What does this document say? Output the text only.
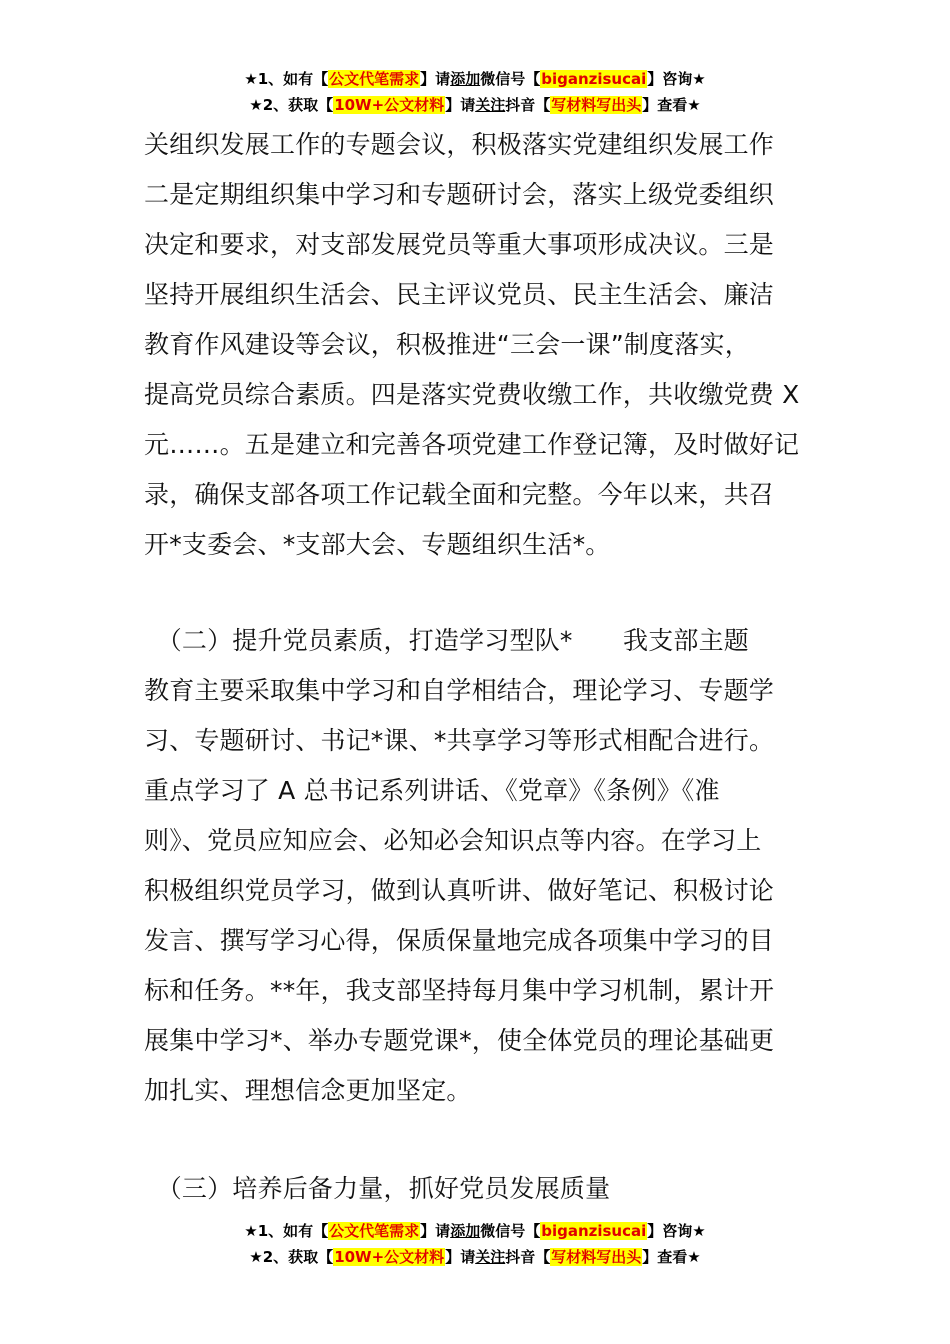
★1、如有【公文代笔需求】请添加微信号【biganzisucai】咨询★
★2、获取【10W+公文材料】请关注抖音【写材料写出头】查看★
关组织发展工作的专题会议，积极落实党建组织发展工作
二是定期组织集中学习和专题研讨会，落实上级党委组织
决定和要求，对支部发展党员等重大事项形成决议。三是
坚持开展组织生活会、民主评议党员、民主生活会、廉洁
教育作风建设等会议，积极推进“三会一课”制度落实，
提高党员综合素质。四是落实党费收缴工作，共收缴党费 X
元……。五是建立和完善各项党建工作登记簿，及时做好记
录，确保支部各项工作记载全面和完整。今年以来，共召
开*支委会、*支部大会、专题组织生活*。
　（二）提升党员素质，打造学习型队*　　我支部主题
教育主要采取集中学习和自学相结合，理论学习、专题学
习、专题研讨、书记*课、*共享学习等形式相配合进行。
重点学习了 A 总书记系列讲话、《党章》《条例》《准
则》、党员应知应会、必知必会知识点等内容。在学习上
积极组织党员学习，做到认真听讲、做好笔记、积极讨论
发言、撰写学习心得，保质保量地完成各项集中学习的目
标和任务。**年，我支部坚持每月集中学习机制，累计开
展集中学习*、举办专题党课*，使全体党员的理论基础更
加扎实、理想信念更加坚定。
　（三）培养后备力量，抓好党员发展质量
★1、如有【公文代笔需求】请添加微信号【biganzisucai】咨询★
★2、获取【10W+公文材料】请关注抖音【写材料写出头】查看★
